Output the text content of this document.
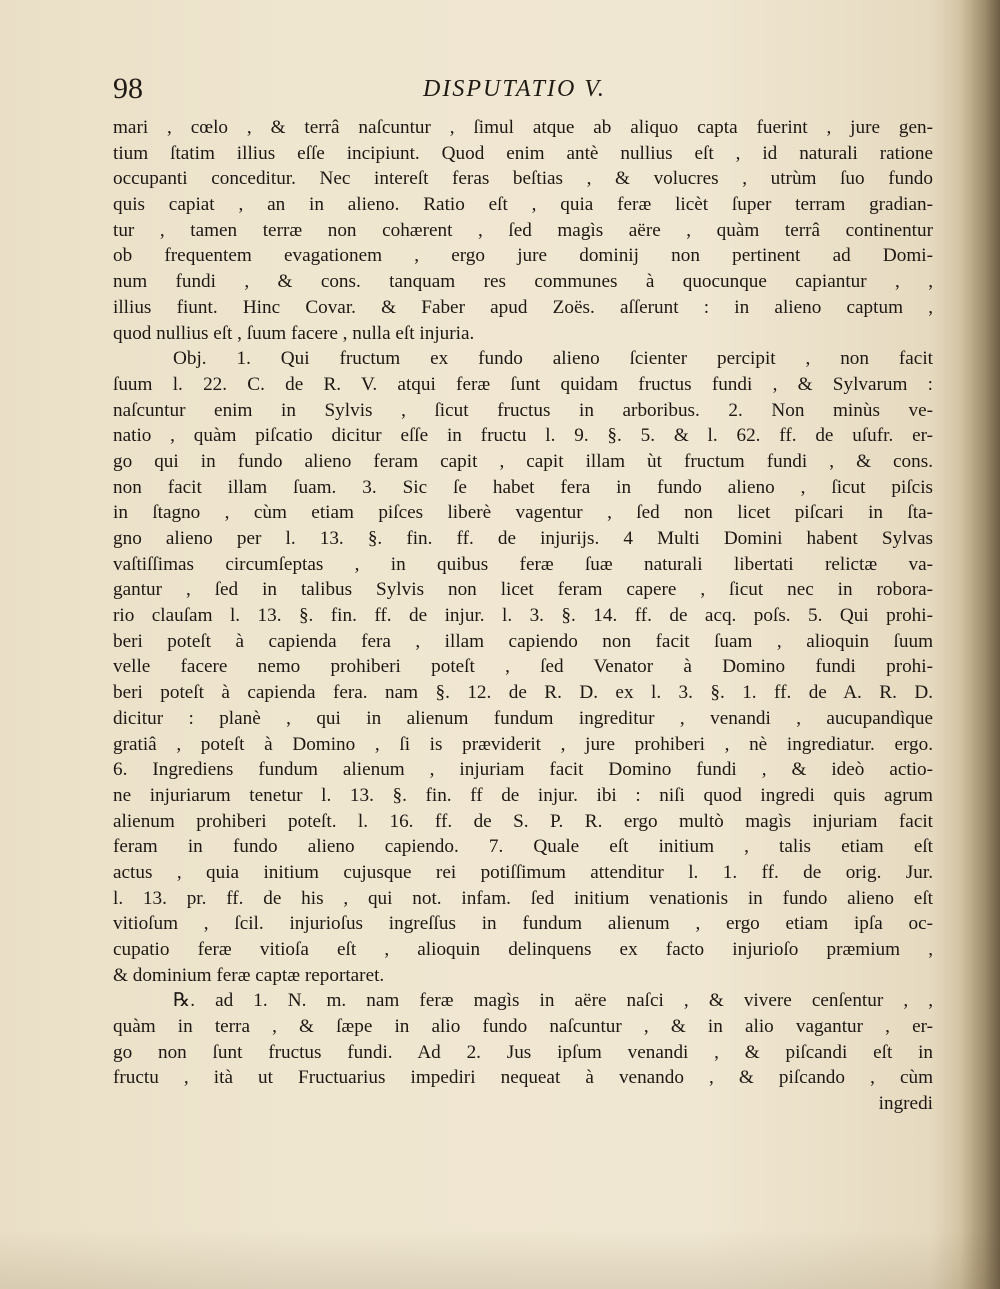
98	DISPUTATIO V.
mari , cœlo , & terrâ naſcuntur , ſimul atque ab aliquo capta fuerint , jure gen-
tium ſtatim illius eſſe incipiunt. Quod enim antè nullius eſt , id naturali ratione
occupanti conceditur. Nec intereſt feras beſtias , & volucres , utrùm ſuo fundo
quis capiat , an in alieno. Ratio eſt , quia feræ licèt ſuper terram gradian-
tur , tamen terræ non cohærent , ſed magìs aëre , quàm terrâ continentur
ob frequentem evagationem , ergo jure dominij non pertinent ad Domi-
num fundi , & cons. tanquam res communes à quocunque capiantur , ,
illius fiunt. Hinc Covar. & Faber apud Zoës. aſſerunt : in alieno captum ,
quod nullius eſt , ſuum facere , nulla eſt injuria.
Obj. 1. Qui fructum ex fundo alieno ſcienter percipit , non facit
ſuum l. 22. C. de R. V. atqui feræ ſunt quidam fructus fundi , & Sylvarum :
naſcuntur enim in Sylvis , ſicut fructus in arboribus. 2. Non minùs ve-
natio , quàm piſcatio dicitur eſſe in fructu l. 9. §. 5. & l. 62. ff. de uſufr. er-
go qui in fundo alieno feram capit , capit illam ùt fructum fundi , & cons.
non facit illam ſuam. 3. Sic ſe habet fera in fundo alieno , ſicut piſcis
in ſtagno , cùm etiam piſces liberè vagentur , ſed non licet piſcari in ſta-
gno alieno per l. 13. §. fin. ff. de injurijs. 4 Multi Domini habent Sylvas
vaſtiſſimas circumſeptas , in quibus feræ ſuæ naturali libertati relictæ va-
gantur , ſed in talibus Sylvis non licet feram capere , ſicut nec in robora-
rio clauſam l. 13. §. fin. ff. de injur. l. 3. §. 14. ff. de acq. poſs. 5. Qui prohi-
beri poteſt à capienda fera , illam capiendo non facit ſuam , alioquin ſuum
velle facere nemo prohiberi poteſt , ſed Venator à Domino fundi prohi-
beri poteſt à capienda fera. nam §. 12. de R. D. ex l. 3. §. 1. ff. de A. R. D.
dicitur : planè , qui in alienum fundum ingreditur , venandi , aucupandìque
gratiâ , poteſt à Domino , ſi is præviderit , jure prohiberi , nè ingrediatur. ergo.
6. Ingrediens fundum alienum , injuriam facit Domino fundi , & ideò actio-
ne injuriarum tenetur l. 13. §. fin. ff de injur. ibi : niſi quod ingredi quis agrum
alienum prohiberi poteſt. l. 16. ff. de S. P. R. ergo multò magìs injuriam facit
feram in fundo alieno capiendo. 7. Quale eſt initium , talis etiam eſt
actus , quia initium cujusque rei potiſſimum attenditur l. 1. ff. de orig. Jur.
l. 13. pr. ff. de his , qui not. infam. ſed initium venationis in fundo alieno eſt
vitioſum , ſcil. injurioſus ingreſſus in fundum alienum , ergo etiam ipſa oc-
cupatio feræ vitioſa eſt , alioquin delinquens ex facto injurioſo præmium ,
& dominium feræ captæ reportaret.
℞. ad 1. N. m. nam feræ magìs in aëre naſci , & vivere cenſentur , ,
quàm in terra , & ſæpe in alio fundo naſcuntur , & in alio vagantur , er-
go non ſunt fructus fundi. Ad 2. Jus ipſum venandi , & piſcandi eſt in
fructu , ità ut Fructuarius impediri nequeat à venando , & piſcando , cùm
ingredi
